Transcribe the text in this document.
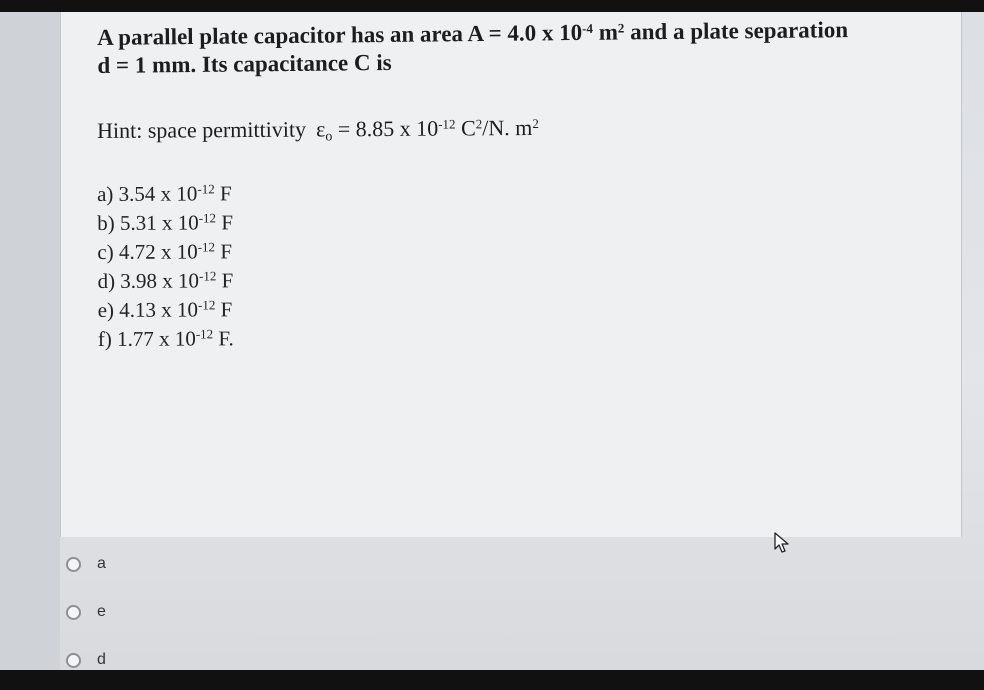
A parallel plate capacitor has an area A = 4.0 x $10^{-4}$ $m^2$ and a plate separation
d = 1 mm. Its capacitance C is
Hint: space permittivity $\varepsilon_o = 8.85$ x $10^{-12}$ $C^2/N$. $m^2$
a) 3.54 x $10^{-12}$ F
b) 5.31 x $10^{-12}$ F
c) 4.72 x $10^{-12}$ F
d) 3.98 x $10^{-12}$ F
e) 4.13 x $10^{-12}$ F
f) 1.77 x $10^{-12}$ F.
a
e
d
